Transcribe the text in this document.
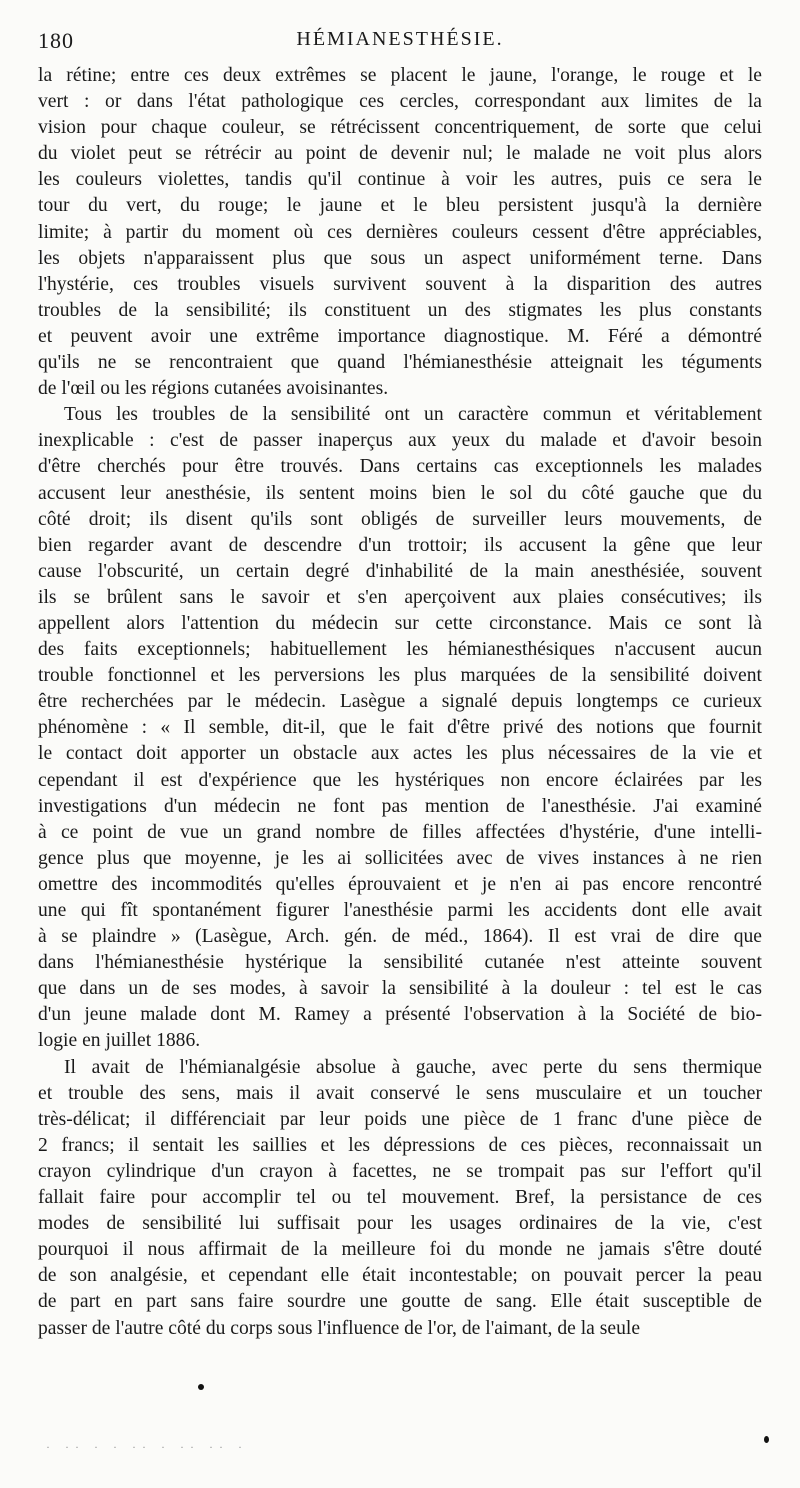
180	HÉMIANESTHÉSIE.
la rétine; entre ces deux extrêmes se placent le jaune, l'orange, le rouge et le
vert : or dans l'état pathologique ces cercles, correspondant aux limites de la
vision pour chaque couleur, se rétrécissent concentriquement, de sorte que celui
du violet peut se rétrécir au point de devenir nul; le malade ne voit plus alors
les couleurs violettes, tandis qu'il continue à voir les autres, puis ce sera le
tour du vert, du rouge; le jaune et le bleu persistent jusqu'à la dernière
limite; à partir du moment où ces dernières couleurs cessent d'être appréciables,
les objets n'apparaissent plus que sous un aspect uniformément terne. Dans
l'hystérie, ces troubles visuels survivent souvent à la disparition des autres
troubles de la sensibilité; ils constituent un des stigmates les plus constants
et peuvent avoir une extrême importance diagnostique. M. Féré a démontré
qu'ils ne se rencontraient que quand l'hémianesthésie atteignait les téguments
de l'œil ou les régions cutanées avoisinantes.
Tous les troubles de la sensibilité ont un caractère commun et véritablement
inexplicable : c'est de passer inaperçus aux yeux du malade et d'avoir besoin
d'être cherchés pour être trouvés. Dans certains cas exceptionnels les malades
accusent leur anesthésie, ils sentent moins bien le sol du côté gauche que du
côté droit; ils disent qu'ils sont obligés de surveiller leurs mouvements, de
bien regarder avant de descendre d'un trottoir; ils accusent la gêne que leur
cause l'obscurité, un certain degré d'inhabilité de la main anesthésiée, souvent
ils se brûlent sans le savoir et s'en aperçoivent aux plaies consécutives; ils
appellent alors l'attention du médecin sur cette circonstance. Mais ce sont là
des faits exceptionnels; habituellement les hémianesthésiques n'accusent aucun
trouble fonctionnel et les perversions les plus marquées de la sensibilité doivent
être recherchées par le médecin. Lasègue a signalé depuis longtemps ce curieux
phénomène : « Il semble, dit-il, que le fait d'être privé des notions que fournit
le contact doit apporter un obstacle aux actes les plus nécessaires de la vie et
cependant il est d'expérience que les hystériques non encore éclairées par les
investigations d'un médecin ne font pas mention de l'anesthésie. J'ai examiné
à ce point de vue un grand nombre de filles affectées d'hystérie, d'une intelli-
gence plus que moyenne, je les ai sollicitées avec de vives instances à ne rien
omettre des incommodités qu'elles éprouvaient et je n'en ai pas encore rencontré
une qui fît spontanément figurer l'anesthésie parmi les accidents dont elle avait
à se plaindre » (Lasègue, Arch. gén. de méd., 1864). Il est vrai de dire que
dans l'hémianesthésie hystérique la sensibilité cutanée n'est atteinte souvent
que dans un de ses modes, à savoir la sensibilité à la douleur : tel est le cas
d'un jeune malade dont M. Ramey a présenté l'observation à la Société de bio-
logie en juillet 1886.
Il avait de l'hémianalgésie absolue à gauche, avec perte du sens thermique
et trouble des sens, mais il avait conservé le sens musculaire et un toucher
très-délicat; il différenciait par leur poids une pièce de 1 franc d'une pièce de
2 francs; il sentait les saillies et les dépressions de ces pièces, reconnaissait un
crayon cylindrique d'un crayon à facettes, ne se trompait pas sur l'effort qu'il
fallait faire pour accomplir tel ou tel mouvement. Bref, la persistance de ces
modes de sensibilité lui suffisait pour les usages ordinaires de la vie, c'est
pourquoi il nous affirmait de la meilleure foi du monde ne jamais s'être douté
de son analgésie, et cependant elle était incontestable; on pouvait percer la peau
de part en part sans faire sourdre une goutte de sang. Elle était susceptible de
passer de l'autre côté du corps sous l'influence de l'or, de l'aimant, de la seule
· ·· · · ·· · ·· ·· ·
